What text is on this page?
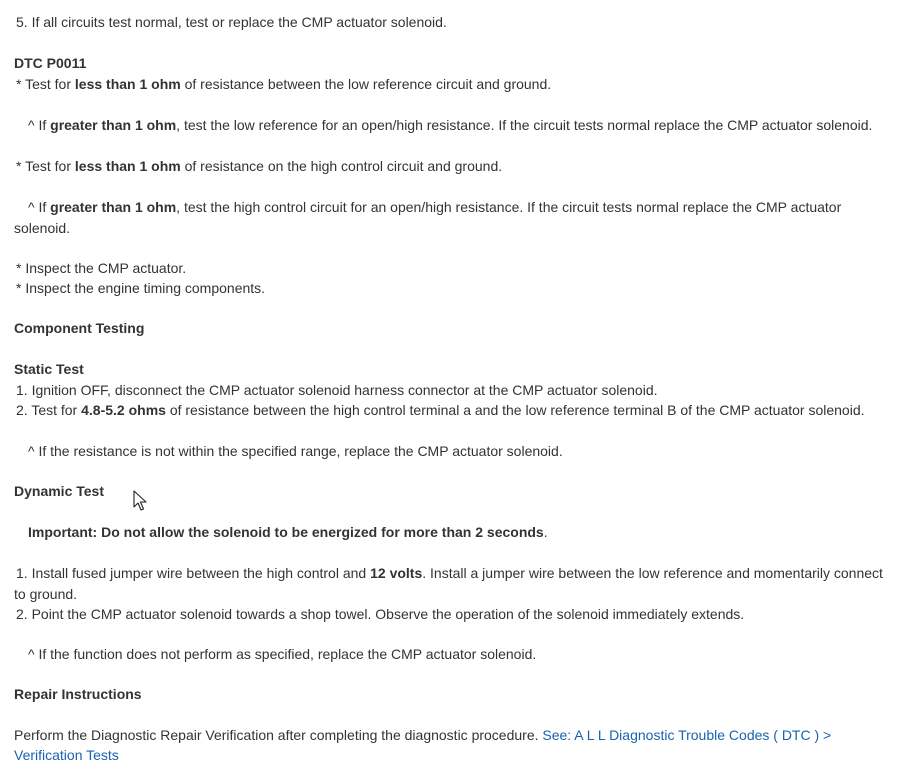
5. If all circuits test normal, test or replace the CMP actuator solenoid.
DTC P0011
* Test for less than 1 ohm of resistance between the low reference circuit and ground.
^ If greater than 1 ohm, test the low reference for an open/high resistance. If the circuit tests normal replace the CMP actuator solenoid.
* Test for less than 1 ohm of resistance on the high control circuit and ground.
^ If greater than 1 ohm, test the high control circuit for an open/high resistance. If the circuit tests normal replace the CMP actuator
solenoid.
* Inspect the CMP actuator.
* Inspect the engine timing components.
Component Testing
Static Test
1. Ignition OFF, disconnect the CMP actuator solenoid harness connector at the CMP actuator solenoid.
2. Test for 4.8-5.2 ohms of resistance between the high control terminal a and the low reference terminal B of the CMP actuator solenoid.
^ If the resistance is not within the specified range, replace the CMP actuator solenoid.
Dynamic Test
Important: Do not allow the solenoid to be energized for more than 2 seconds.
1. Install fused jumper wire between the high control and 12 volts. Install a jumper wire between the low reference and momentarily connect
to ground.
2. Point the CMP actuator solenoid towards a shop towel. Observe the operation of the solenoid immediately extends.
^ If the function does not perform as specified, replace the CMP actuator solenoid.
Repair Instructions
Perform the Diagnostic Repair Verification after completing the diagnostic procedure. See: A L L Diagnostic Trouble Codes ( DTC ) >
Verification Tests
